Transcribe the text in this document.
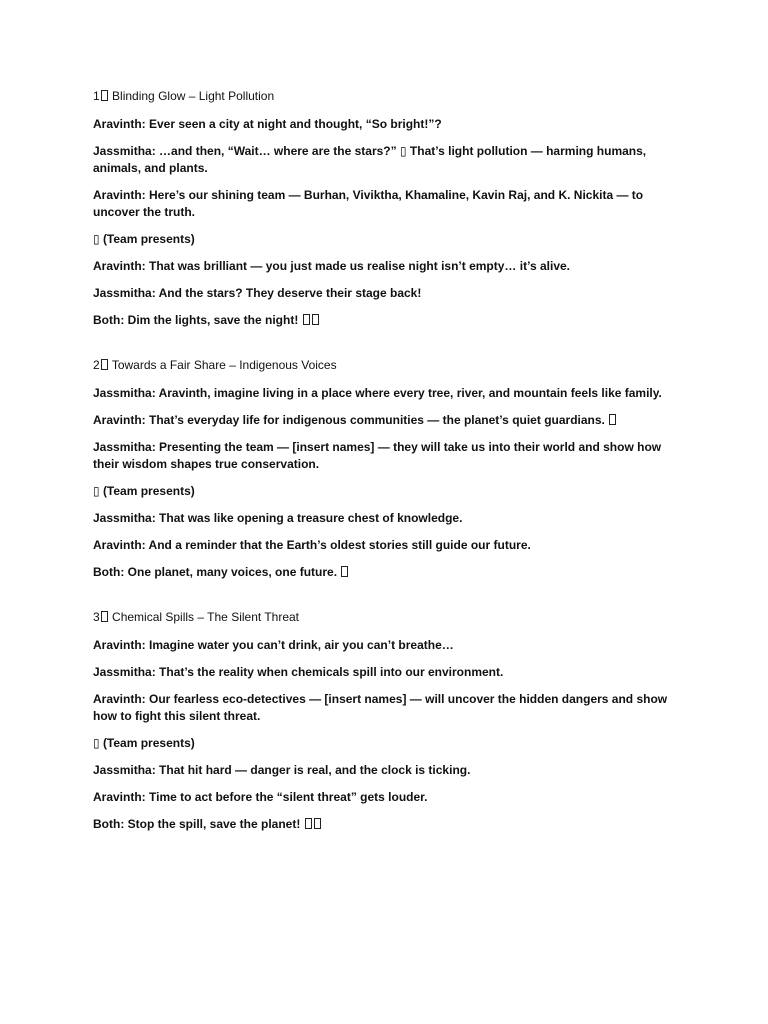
1 Blinding Glow – Light Pollution

Aravinth: Ever seen a city at night and thought, “So bright!”?

Jassmitha: …and then, “Wait… where are the stars?” ▯ That’s light pollution — harming humans, animals, and plants.

Aravinth: Here’s our shining team — Burhan, Viviktha, Khamaline, Kavin Raj, and K. Nickita — to uncover the truth.

▯ (Team presents)

Aravinth: That was brilliant — you just made us realise night isn’t empty… it’s alive.

Jassmitha: And the stars? They deserve their stage back!

Both: Dim the lights, save the night!

2 Towards a Fair Share – Indigenous Voices

Jassmitha: Aravinth, imagine living in a place where every tree, river, and mountain feels like family.

Aravinth: That’s everyday life for indigenous communities — the planet’s quiet guardians.

Jassmitha: Presenting the team — [insert names] — they will take us into their world and show how their wisdom shapes true conservation.

▯ (Team presents)

Jassmitha: That was like opening a treasure chest of knowledge.

Aravinth: And a reminder that the Earth’s oldest stories still guide our future.

Both: One planet, many voices, one future.

3 Chemical Spills – The Silent Threat

Aravinth: Imagine water you can’t drink, air you can’t breathe…

Jassmitha: That’s the reality when chemicals spill into our environment.

Aravinth: Our fearless eco-detectives — [insert names] — will uncover the hidden dangers and show how to fight this silent threat.

▯ (Team presents)

Jassmitha: That hit hard — danger is real, and the clock is ticking.

Aravinth: Time to act before the “silent threat” gets louder.

Both: Stop the spill, save the planet!
